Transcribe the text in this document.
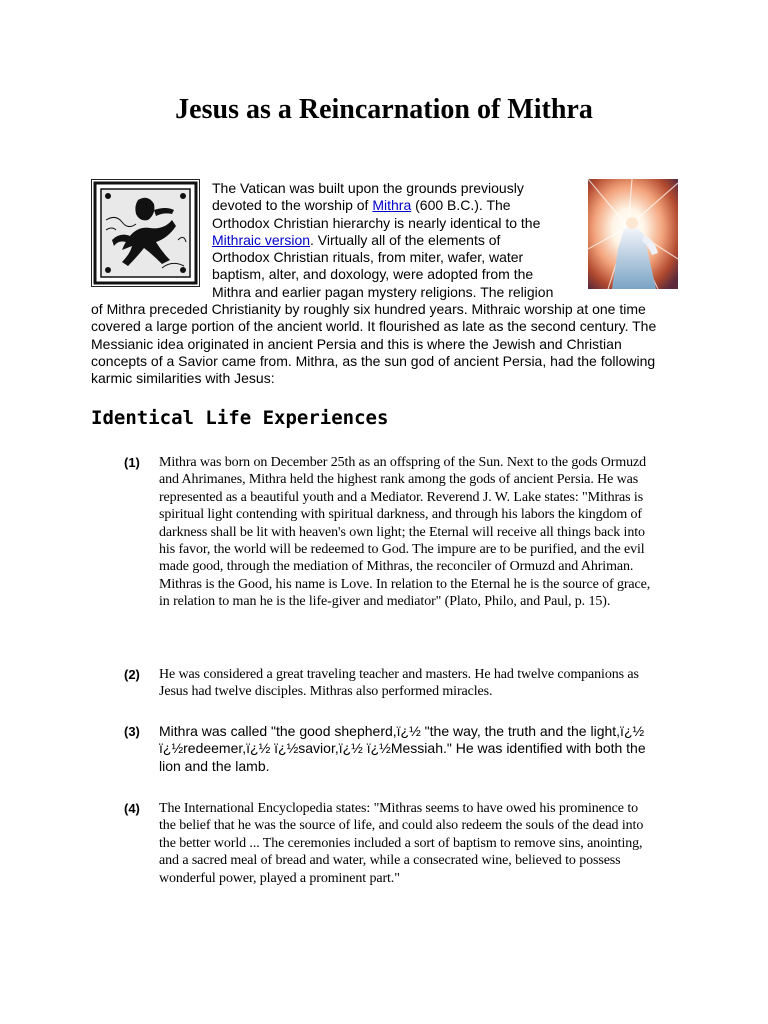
Jesus as a Reincarnation of Mithra
The Vatican was built upon the grounds previously devoted to the worship of Mithra (600 B.C.). The Orthodox Christian hierarchy is nearly identical to the Mithraic version. Virtually all of the elements of Orthodox Christian rituals, from miter, wafer, water baptism, alter, and doxology, were adopted from the Mithra and earlier pagan mystery religions. The religion of Mithra preceded Christianity by roughly six hundred years. Mithraic worship at one time covered a large portion of the ancient world. It flourished as late as the second century. The Messianic idea originated in ancient Persia and this is where the Jewish and Christian concepts of a Savior came from. Mithra, as the sun god of ancient Persia, had the following karmic similarities with Jesus:
Identical Life Experiences
(1) Mithra was born on December 25th as an offspring of the Sun. Next to the gods Ormuzd and Ahrimanes, Mithra held the highest rank among the gods of ancient Persia. He was represented as a beautiful youth and a Mediator. Reverend J. W. Lake states: "Mithras is spiritual light contending with spiritual darkness, and through his labors the kingdom of darkness shall be lit with heaven's own light; the Eternal will receive all things back into his favor, the world will be redeemed to God. The impure are to be purified, and the evil made good, through the mediation of Mithras, the reconciler of Ormuzd and Ahriman. Mithras is the Good, his name is Love. In relation to the Eternal he is the source of grace, in relation to man he is the life-giver and mediator" (Plato, Philo, and Paul, p. 15).

(2) He was considered a great traveling teacher and masters. He had twelve companions as Jesus had twelve disciples. Mithras also performed miracles.

(3) Mithra was called "the good shepherd,ï¿½ "the way, the truth and the light,ï¿½ ï¿½redeemer,ï¿½ ï¿½savior,ï¿½ ï¿½Messiah." He was identified with both the lion and the lamb.

(4) The International Encyclopedia states: "Mithras seems to have owed his prominence to the belief that he was the source of life, and could also redeem the souls of the dead into the better world ... The ceremonies included a sort of baptism to remove sins, anointing, and a sacred meal of bread and water, while a consecrated wine, believed to possess wonderful power, played a prominent part."
